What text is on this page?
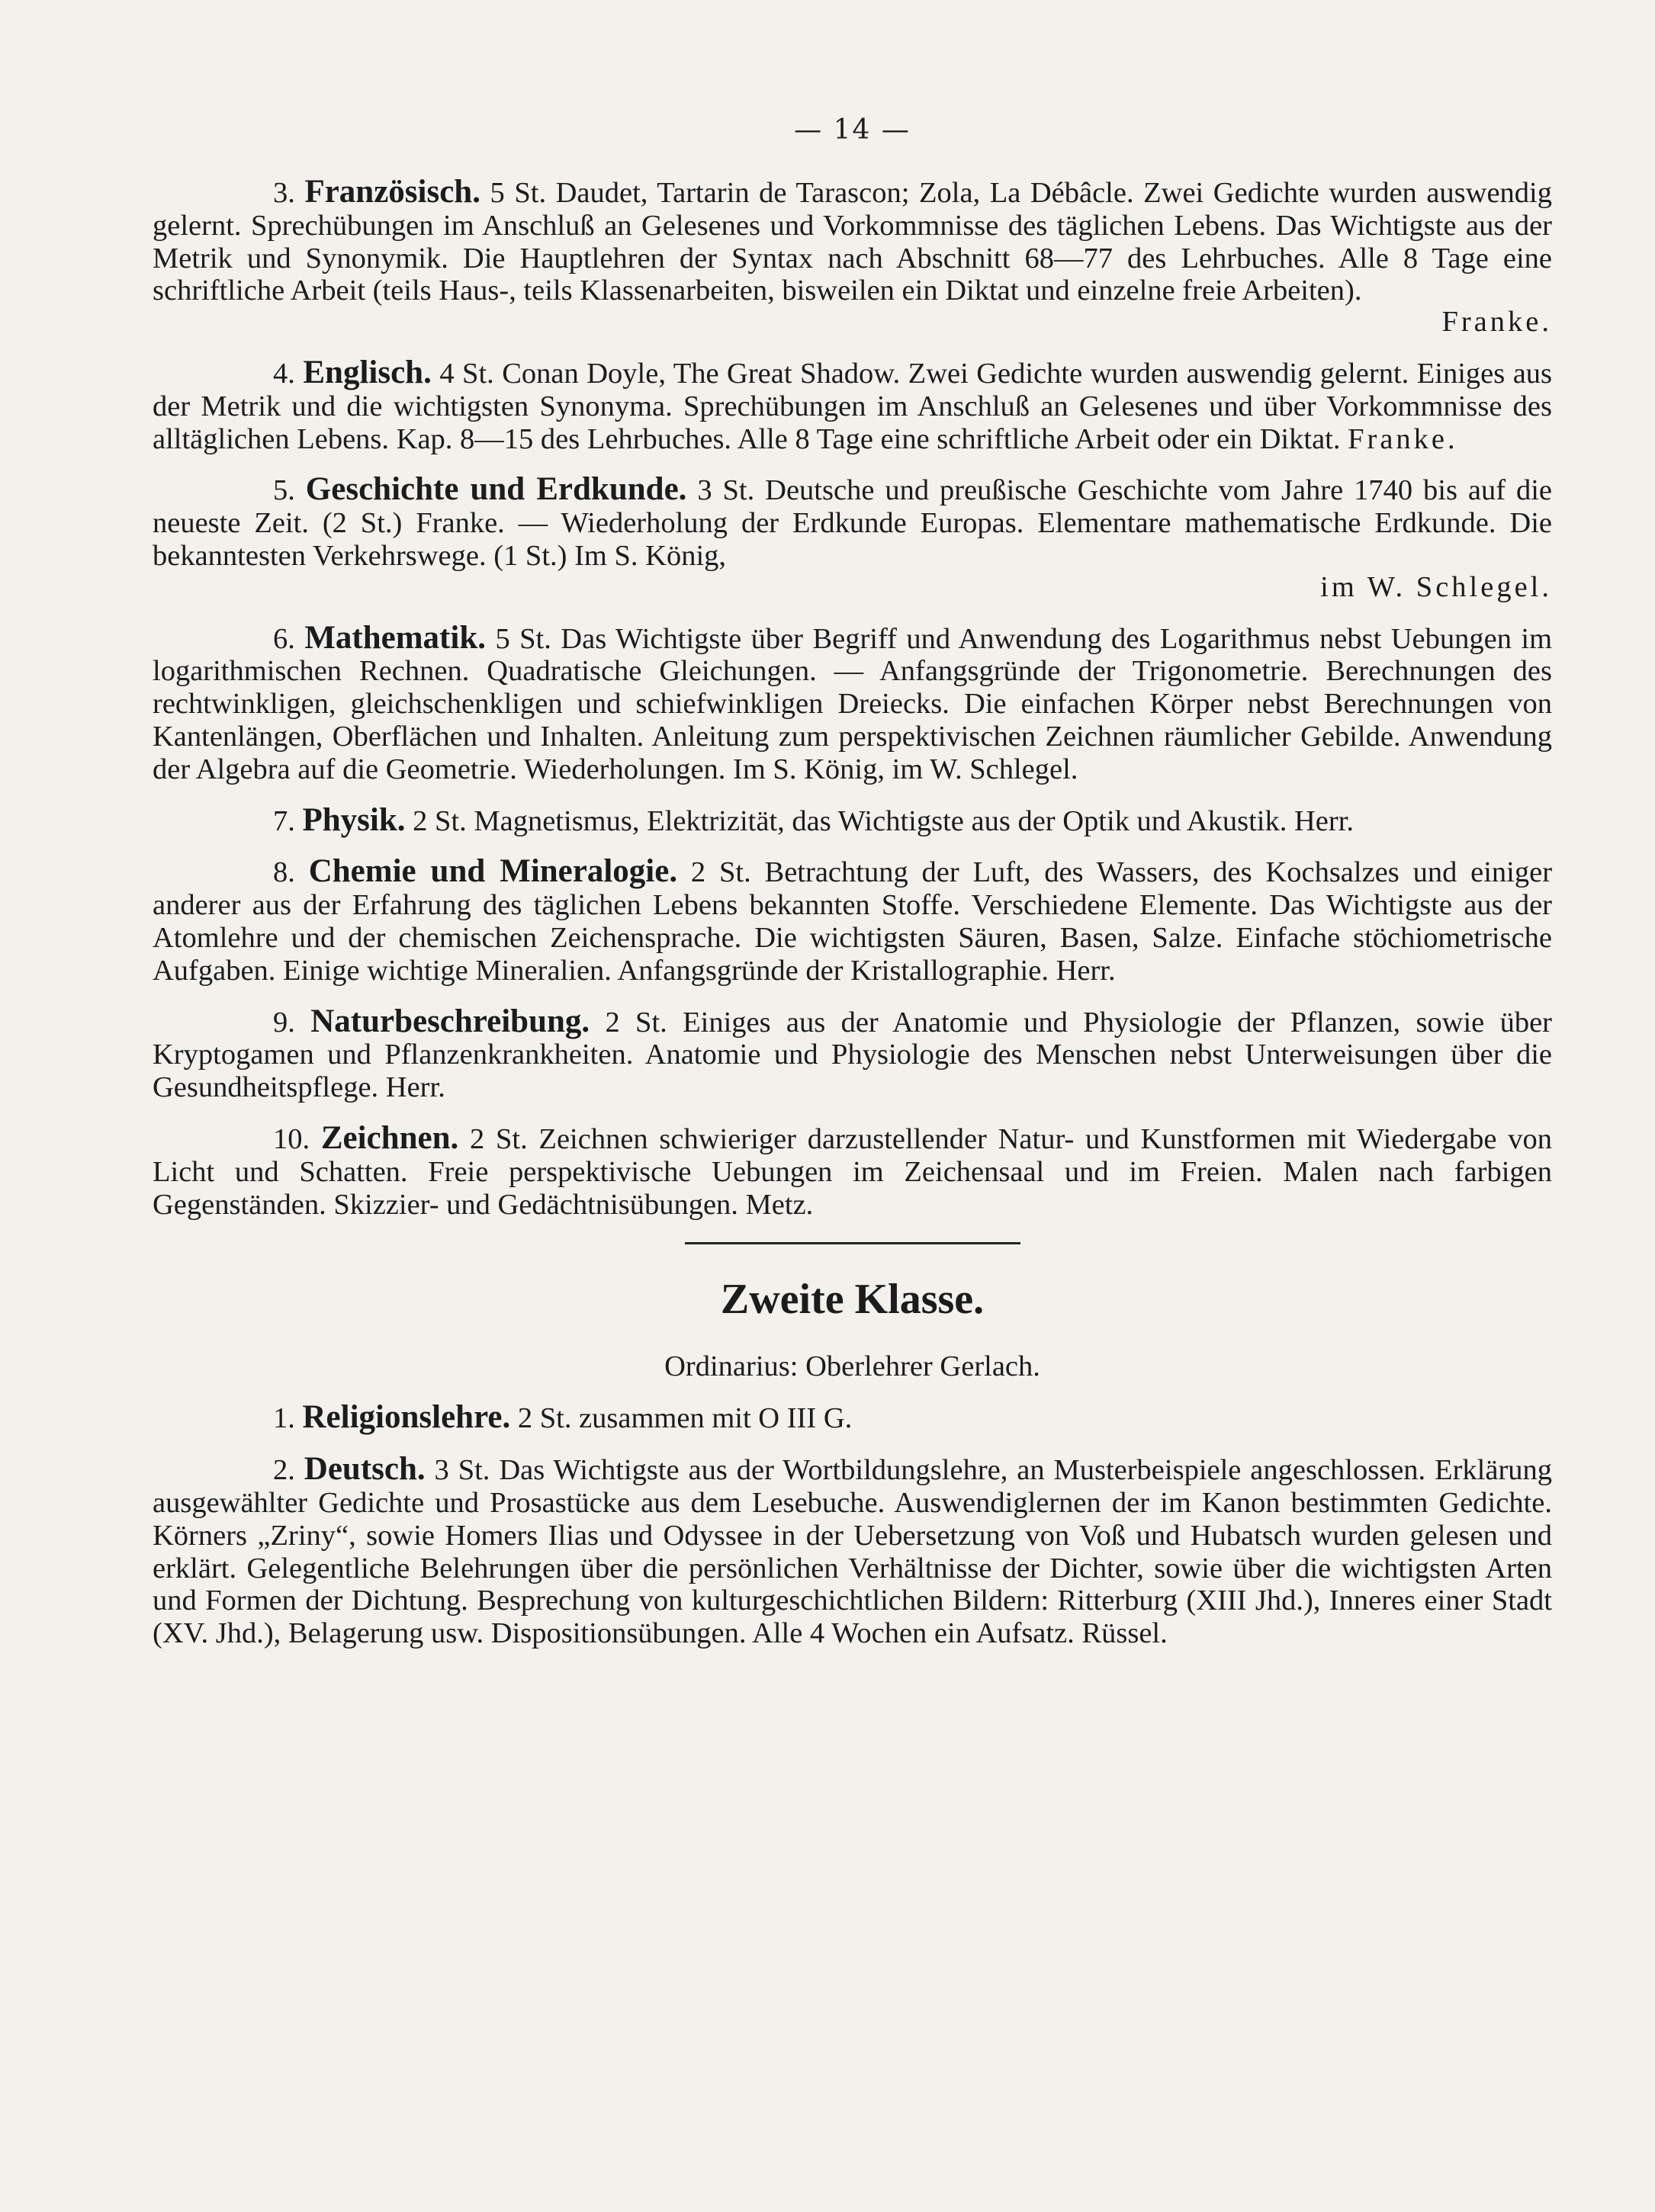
— 14 —
3. Französisch. 5 St. Daudet, Tartarin de Tarascon; Zola, La Débâcle. Zwei Gedichte wurden auswendig gelernt. Sprechübungen im Anschluß an Gelesenes und Vorkommnisse des täglichen Lebens. Das Wichtigste aus der Metrik und Synonymik. Die Hauptlehren der Syntax nach Abschnitt 68—77 des Lehrbuches. Alle 8 Tage eine schriftliche Arbeit (teils Haus-, teils Klassenarbeiten, bisweilen ein Diktat und einzelne freie Arbeiten).
Franke.
4. Englisch. 4 St. Conan Doyle, The Great Shadow. Zwei Gedichte wurden auswendig gelernt. Einiges aus der Metrik und die wichtigsten Synonyma. Sprechübungen im Anschluß an Gelesenes und über Vorkommnisse des alltäglichen Lebens. Kap. 8—15 des Lehrbuches. Alle 8 Tage eine schriftliche Arbeit oder ein Diktat. Franke.
5. Geschichte und Erdkunde. 3 St. Deutsche und preußische Geschichte vom Jahre 1740 bis auf die neueste Zeit. (2 St.) Franke. — Wiederholung der Erdkunde Europas. Elementare mathematische Erdkunde. Die bekanntesten Verkehrswege. (1 St.) Im S. König,
im W. Schlegel.
6. Mathematik. 5 St. Das Wichtigste über Begriff und Anwendung des Logarithmus nebst Uebungen im logarithmischen Rechnen. Quadratische Gleichungen. — Anfangsgründe der Trigonometrie. Berechnungen des rechtwinkligen, gleichschenkligen und schiefwinkligen Dreiecks. Die einfachen Körper nebst Berechnungen von Kantenlängen, Oberflächen und Inhalten. Anleitung zum perspektivischen Zeichnen räumlicher Gebilde. Anwendung der Algebra auf die Geometrie. Wiederholungen. Im S. König, im W. Schlegel.
7. Physik. 2 St. Magnetismus, Elektrizität, das Wichtigste aus der Optik und Akustik. Herr.
8. Chemie und Mineralogie. 2 St. Betrachtung der Luft, des Wassers, des Kochsalzes und einiger anderer aus der Erfahrung des täglichen Lebens bekannten Stoffe. Verschiedene Elemente. Das Wichtigste aus der Atomlehre und der chemischen Zeichensprache. Die wichtigsten Säuren, Basen, Salze. Einfache stöchiometrische Aufgaben. Einige wichtige Mineralien. Anfangsgründe der Kristallographie. Herr.
9. Naturbeschreibung. 2 St. Einiges aus der Anatomie und Physiologie der Pflanzen, sowie über Kryptogamen und Pflanzenkrankheiten. Anatomie und Physiologie des Menschen nebst Unterweisungen über die Gesundheitspflege. Herr.
10. Zeichnen. 2 St. Zeichnen schwieriger darzustellender Natur- und Kunstformen mit Wiedergabe von Licht und Schatten. Freie perspektivische Uebungen im Zeichensaal und im Freien. Malen nach farbigen Gegenständen. Skizzier- und Gedächtnisübungen. Metz.
Zweite Klasse.
Ordinarius: Oberlehrer Gerlach.
1. Religionslehre. 2 St. zusammen mit O III G.
2. Deutsch. 3 St. Das Wichtigste aus der Wortbildungslehre, an Musterbeispiele angeschlossen. Erklärung ausgewählter Gedichte und Prosastücke aus dem Lesebuche. Auswendiglernen der im Kanon bestimmten Gedichte. Körners „Zriny“, sowie Homers Ilias und Odyssee in der Uebersetzung von Voß und Hubatsch wurden gelesen und erklärt. Gelegentliche Belehrungen über die persönlichen Verhältnisse der Dichter, sowie über die wichtigsten Arten und Formen der Dichtung. Besprechung von kulturgeschichtlichen Bildern: Ritterburg (XIII Jhd.), Inneres einer Stadt (XV. Jhd.), Belagerung usw. Dispositionsübungen. Alle 4 Wochen ein Aufsatz. Rüssel.
